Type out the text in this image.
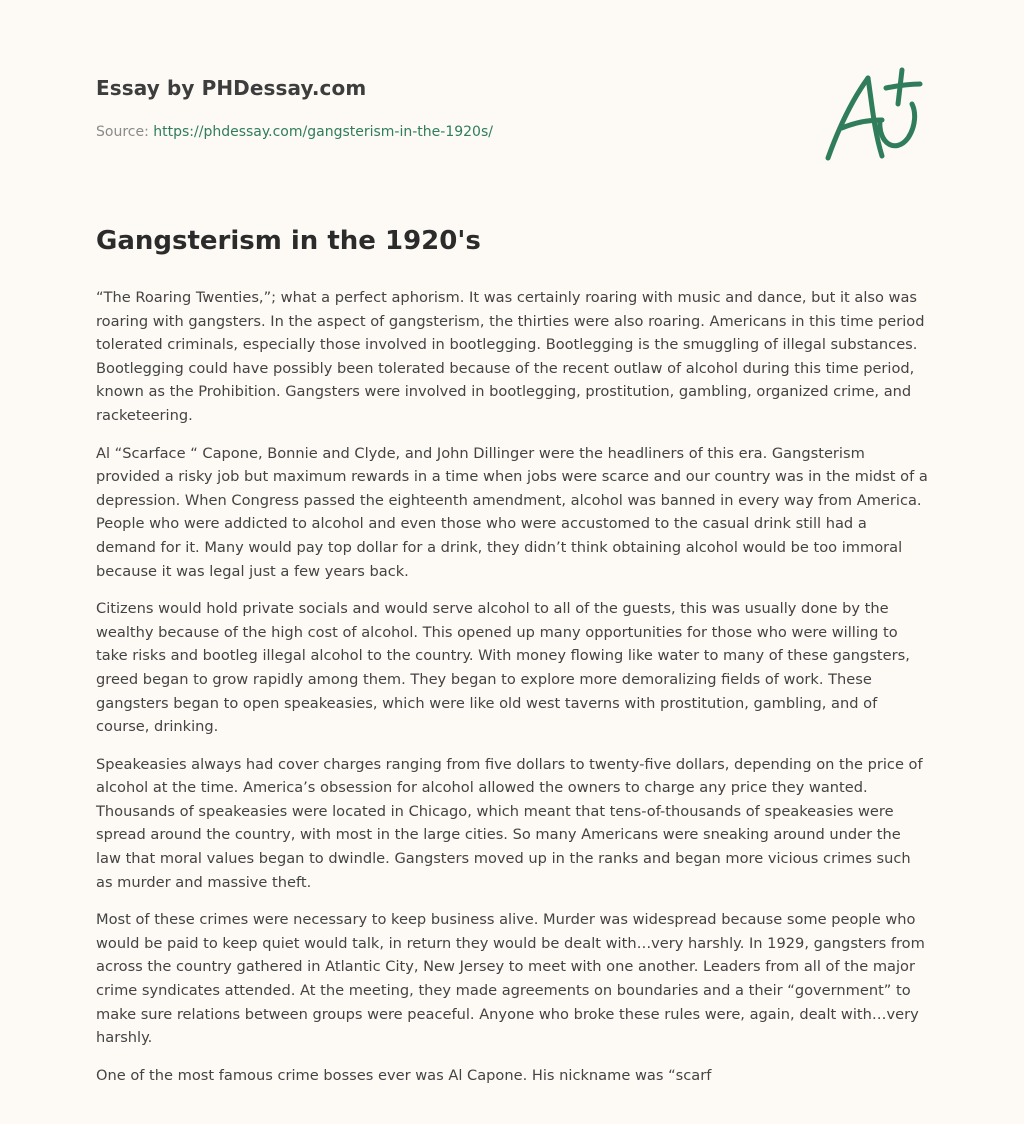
Essay by PHDessay.com
Source: https://phdessay.com/gangsterism-in-the-1920s/
Gangsterism in the 1920's

“The Roaring Twenties,”; what a perfect aphorism. It was certainly roaring with music and dance, but it also was roaring with gangsters. In the aspect of gangsterism, the thirties were also roaring. Americans in this time period tolerated criminals, especially those involved in bootlegging. Bootlegging is the smuggling of illegal substances. Bootlegging could have possibly been tolerated because of the recent outlaw of alcohol during this time period, known as the Prohibition. Gangsters were involved in bootlegging, prostitution, gambling, organized crime, and racketeering.

Al “Scarface “ Capone, Bonnie and Clyde, and John Dillinger were the headliners of this era. Gangsterism provided a risky job but maximum rewards in a time when jobs were scarce and our country was in the midst of a depression. When Congress passed the eighteenth amendment, alcohol was banned in every way from America. People who were addicted to alcohol and even those who were accustomed to the casual drink still had a demand for it. Many would pay top dollar for a drink, they didn’t think obtaining alcohol would be too immoral because it was legal just a few years back.

Citizens would hold private socials and would serve alcohol to all of the guests, this was usually done by the wealthy because of the high cost of alcohol. This opened up many opportunities for those who were willing to take risks and bootleg illegal alcohol to the country. With money flowing like water to many of these gangsters, greed began to grow rapidly among them. They began to explore more demoralizing fields of work. These gangsters began to open speakeasies, which were like old west taverns with prostitution, gambling, and of course, drinking.

Speakeasies always had cover charges ranging from five dollars to twenty-five dollars, depending on the price of alcohol at the time. America’s obsession for alcohol allowed the owners to charge any price they wanted. Thousands of speakeasies were located in Chicago, which meant that tens-of-thousands of speakeasies were spread around the country, with most in the large cities. So many Americans were sneaking around under the law that moral values began to dwindle. Gangsters moved up in the ranks and began more vicious crimes such as murder and massive theft.

Most of these crimes were necessary to keep business alive. Murder was widespread because some people who would be paid to keep quiet would talk, in return they would be dealt with…very harshly. In 1929, gangsters from across the country gathered in Atlantic City, New Jersey to meet with one another. Leaders from all of the major crime syndicates attended. At the meeting, they made agreements on boundaries and a their “government” to make sure relations between groups were peaceful. Anyone who broke these rules were, again, dealt with…very harshly.

One of the most famous crime bosses ever was Al Capone. His nickname was “scarf
